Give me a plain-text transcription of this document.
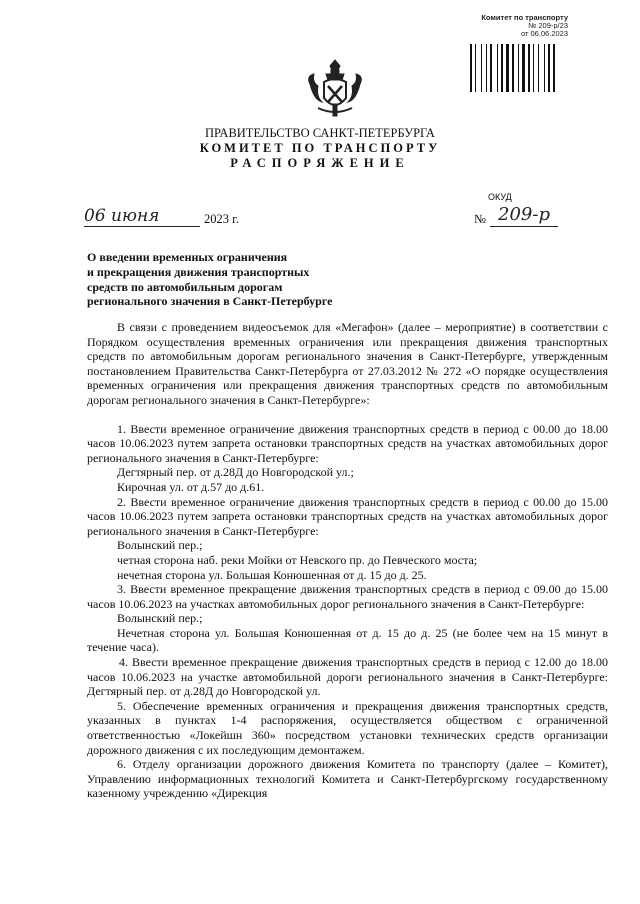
Комитет по транспорту
№ 209-р/23
от 06.06.2023
ПРАВИТЕЛЬСТВО САНКТ-ПЕТЕРБУРГА
КОМИТЕТ ПО ТРАНСПОРТУ
РАСПОРЯЖЕНИЕ
ОКУД
06 июня	2023 г.	№ 209-р
О введении временных ограничения
и прекращения движения транспортных
средств по автомобильным дорогам
регионального значения в Санкт-Петербурге

В связи с проведением видеосъемок для «Мегафон» (далее – мероприятие) в соответствии с Порядком осуществления временных ограничения или прекращения движения транспортных средств по автомобильным дорогам регионального значения в Санкт-Петербурге, утвержденным постановлением Правительства Санкт-Петербурга от 27.03.2012 № 272 «О порядке осуществления временных ограничения или прекращения движения транспортных средств по автомобильным дорогам регионального значения в Санкт-Петербурге»:

1. Ввести временное ограничение движения транспортных средств в период с 00.00 до 18.00 часов 10.06.2023 путем запрета остановки транспортных средств на участках автомобильных дорог регионального значения в Санкт-Петербурге:

Дегтярный пер. от д.28Д до Новгородской ул.;

Кирочная ул. от д.57 до д.61.

2. Ввести временное ограничение движения транспортных средств в период с 00.00 до 15.00 часов 10.06.2023 путем запрета остановки транспортных средств на участках автомобильных дорог регионального значения в Санкт-Петербурге:

Волынский пер.;

четная сторона наб. реки Мойки от Невского пр. до Певческого моста;

нечетная сторона ул. Большая Конюшенная от д. 15 до д. 25.

3. Ввести временное прекращение движения транспортных средств в период с 09.00 до 15.00 часов 10.06.2023 на участках автомобильных дорог регионального значения в Санкт-Петербурге:

Волынский пер.;

Нечетная сторона ул. Большая Конюшенная от д. 15 до д. 25 (не более чем на 15 минут в течение часа).

4. Ввести временное прекращение движения транспортных средств в период с 12.00 до 18.00 часов 10.06.2023 на участке автомобильной дороги регионального значения в Санкт-Петербурге: Дегтярный пер. от д.28Д до Новгородской ул.

5. Обеспечение временных ограничения и прекращения движения транспортных средств, указанных в пунктах 1-4 распоряжения, осуществляется обществом с ограниченной ответственностью «Локейшн 360» посредством установки технических средств организации дорожного движения с их последующим демонтажем.

6. Отделу организации дорожного движения Комитета по транспорту (далее – Комитет), Управлению информационных технологий Комитета и Санкт-Петербургскому государственному казенному учреждению «Дирекция
